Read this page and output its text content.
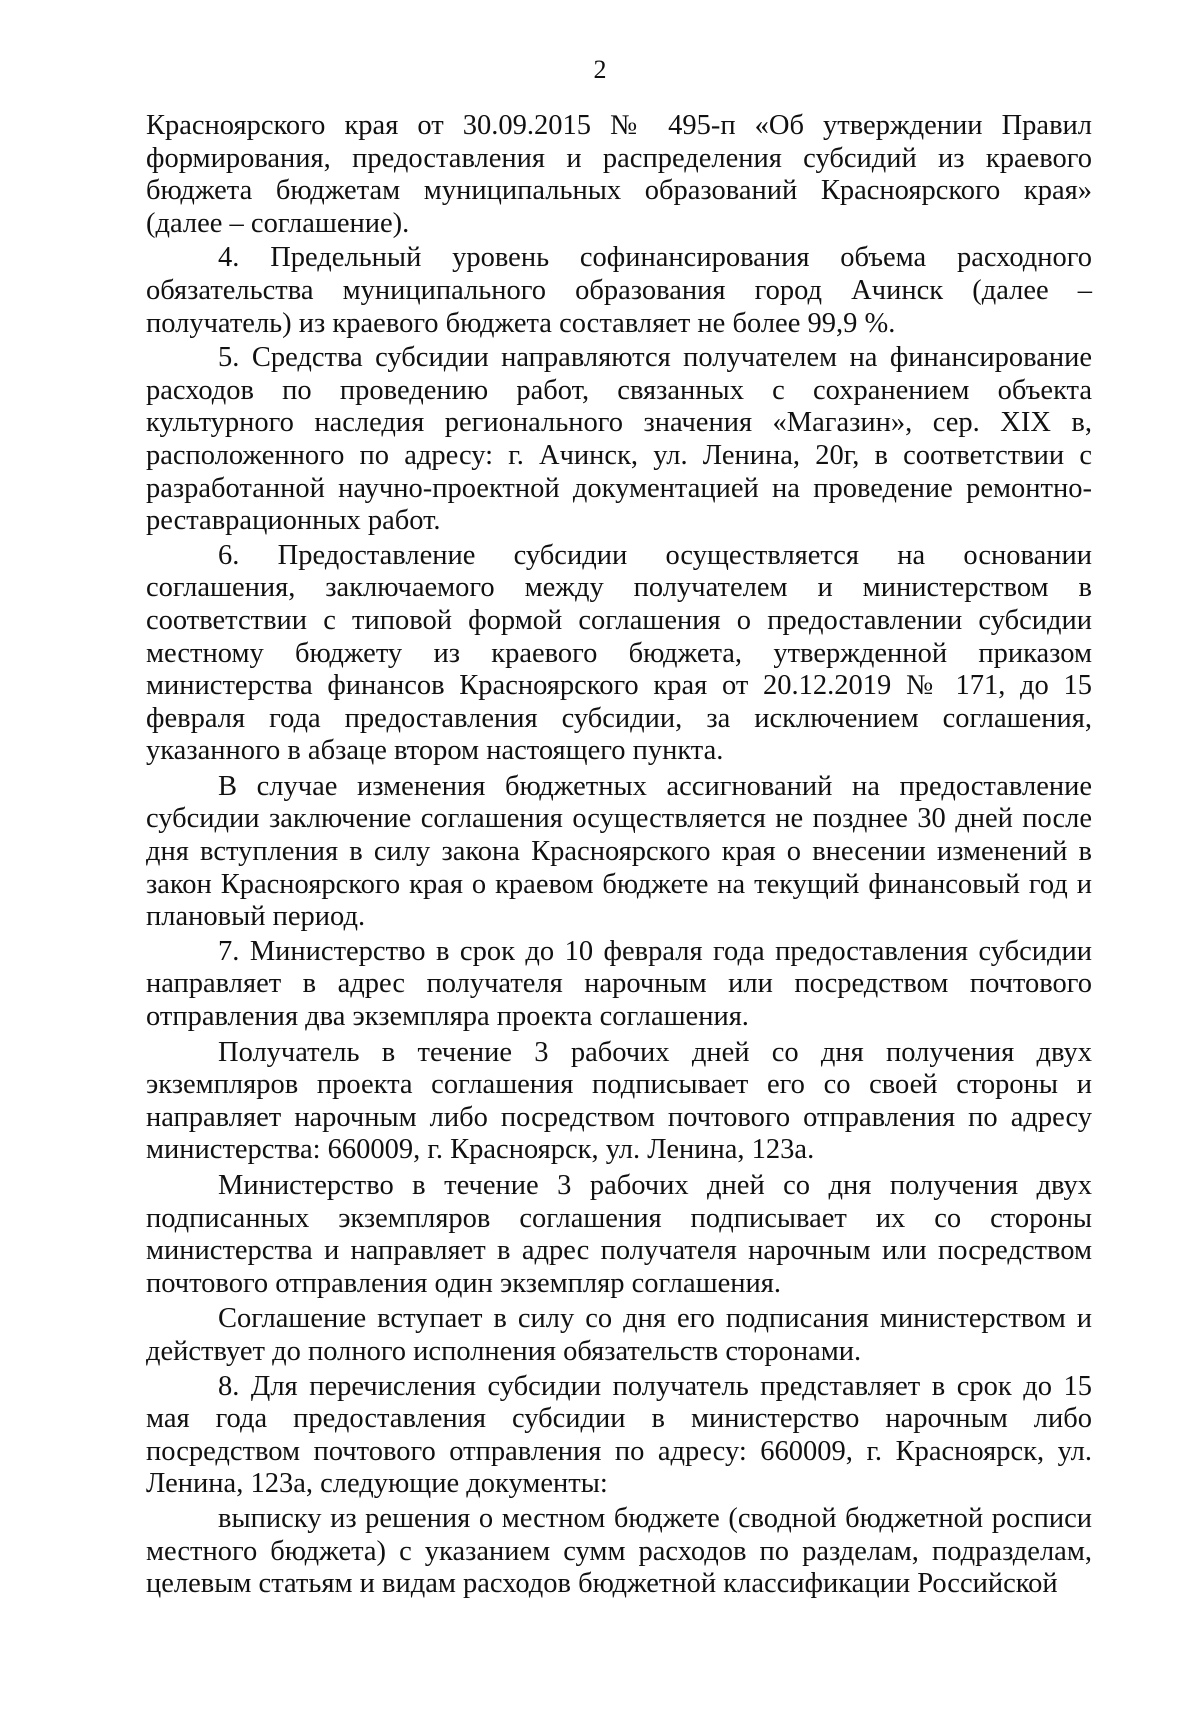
2

Красноярского края от 30.09.2015 № 495-п «Об утверждении Правил формирования, предоставления и распределения субсидий из краевого бюджета бюджетам муниципальных образований Красноярского края» (далее – соглашение).

4. Предельный уровень софинансирования объема расходного обязательства муниципального образования город Ачинск (далее – получатель) из краевого бюджета составляет не более 99,9 %.

5. Средства субсидии направляются получателем на финансирование расходов по проведению работ, связанных с сохранением объекта культурного наследия регионального значения «Магазин», сер. XIX в, расположенного по адресу: г. Ачинск, ул. Ленина, 20г, в соответствии с разработанной научно-проектной документацией на проведение ремонтно-реставрационных работ.

6. Предоставление субсидии осуществляется на основании соглашения, заключаемого между получателем и министерством в соответствии с типовой формой соглашения о предоставлении субсидии местному бюджету из краевого бюджета, утвержденной приказом министерства финансов Красноярского края от 20.12.2019 № 171, до 15 февраля года предоставления субсидии, за исключением соглашения, указанного в абзаце втором настоящего пункта.

В случае изменения бюджетных ассигнований на предоставление субсидии заключение соглашения осуществляется не позднее 30 дней после дня вступления в силу закона Красноярского края о внесении изменений в закон Красноярского края о краевом бюджете на текущий финансовый год и плановый период.

7. Министерство в срок до 10 февраля года предоставления субсидии направляет в адрес получателя нарочным или посредством почтового отправления два экземпляра проекта соглашения.

Получатель в течение 3 рабочих дней со дня получения двух экземпляров проекта соглашения подписывает его со своей стороны и направляет нарочным либо посредством почтового отправления по адресу министерства: 660009, г. Красноярск, ул. Ленина, 123а.

Министерство в течение 3 рабочих дней со дня получения двух подписанных экземпляров соглашения подписывает их со стороны министерства и направляет в адрес получателя нарочным или посредством почтового отправления один экземпляр соглашения.

Соглашение вступает в силу со дня его подписания министерством и действует до полного исполнения обязательств сторонами.

8. Для перечисления субсидии получатель представляет в срок до 15 мая года предоставления субсидии в министерство нарочным либо посредством почтового отправления по адресу: 660009, г. Красноярск, ул. Ленина, 123а, следующие документы:

выписку из решения о местном бюджете (сводной бюджетной росписи местного бюджета) с указанием сумм расходов по разделам, подразделам, целевым статьям и видам расходов бюджетной классификации Российской
